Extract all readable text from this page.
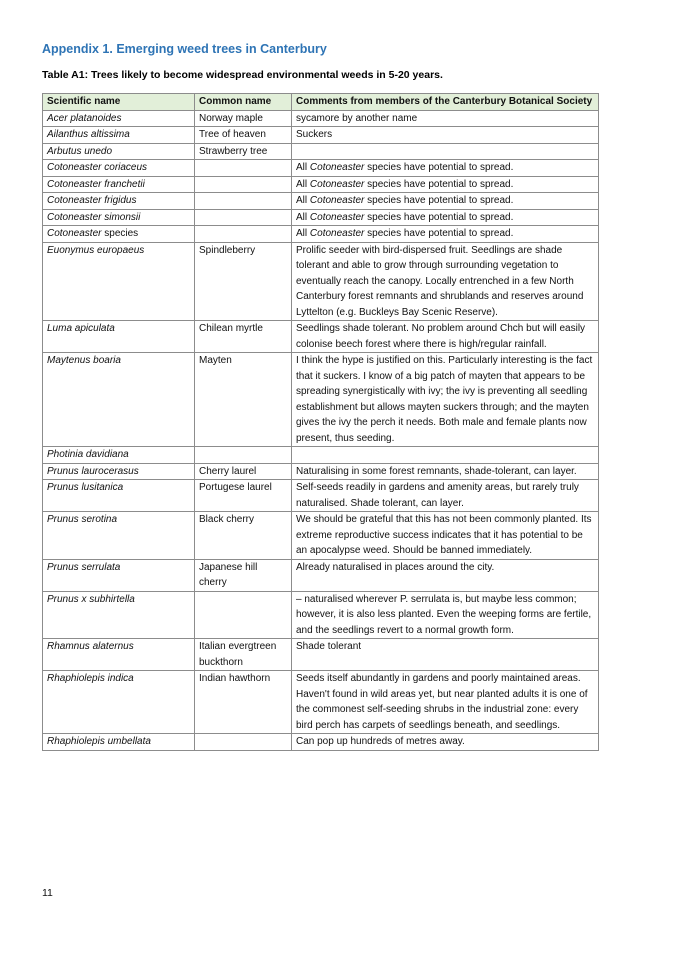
Appendix 1. Emerging weed trees in Canterbury
Table A1: Trees likely to become widespread environmental weeds in 5-20 years.
Scientific name	Common name	Comments from members of the Canterbury Botanical Society
Acer platanoides	Norway maple	sycamore by another name
Ailanthus altissima	Tree of heaven	Suckers
Arbutus unedo	Strawberry tree	
Cotoneaster coriaceus		All Cotoneaster species have potential to spread.
Cotoneaster franchetii		All Cotoneaster species have potential to spread.
Cotoneaster frigidus		All Cotoneaster species have potential to spread.
Cotoneaster simonsii		All Cotoneaster species have potential to spread.
Cotoneaster species		All Cotoneaster species have potential to spread.
Euonymus europaeus	Spindleberry	Prolific seeder with bird-dispersed fruit. Seedlings are shade tolerant and able to grow through surrounding vegetation to eventually reach the canopy. Locally entrenched in a few North Canterbury forest remnants and shrublands and reserves around Lyttelton (e.g. Buckleys Bay Scenic Reserve).
Luma apiculata	Chilean myrtle	Seedlings shade tolerant. No problem around Chch but will easily colonise beech forest where there is high/regular rainfall.
Maytenus boaria	Mayten	I think the hype is justified on this. Particularly interesting is the fact that it suckers. I know of a big patch of mayten that appears to be spreading synergistically with ivy; the ivy is preventing all seedling establishment but allows mayten suckers through; and the mayten gives the ivy the perch it needs. Both male and female plants now present, thus seeding.
Photinia davidiana		
Prunus laurocerasus	Cherry laurel	Naturalising in some forest remnants, shade-tolerant, can layer.
Prunus lusitanica	Portugese laurel	Self-seeds readily in gardens and amenity areas, but rarely truly naturalised. Shade tolerant, can layer.
Prunus serotina	Black cherry	We should be grateful that this has not been commonly planted. Its extreme reproductive success indicates that it has potential to be an apocalypse weed. Should be banned immediately.
Prunus serrulata	Japanese hill cherry	Already naturalised in places around the city.
Prunus x subhirtella		– naturalised wherever P. serrulata is, but maybe less common; however, it is also less planted. Even the weeping forms are fertile, and the seedlings revert to a normal growth form.
Rhamnus alaternus	Italian evergtreen buckthorn	Shade tolerant
Rhaphiolepis indica	Indian hawthorn	Seeds itself abundantly in gardens and poorly maintained areas. Haven't found in wild areas yet, but near planted adults it is one of the commonest self-seeding shrubs in the industrial zone: every bird perch has carpets of seedlings beneath, and seedlings.
Rhaphiolepis umbellata		Can pop up hundreds of metres away.
11
